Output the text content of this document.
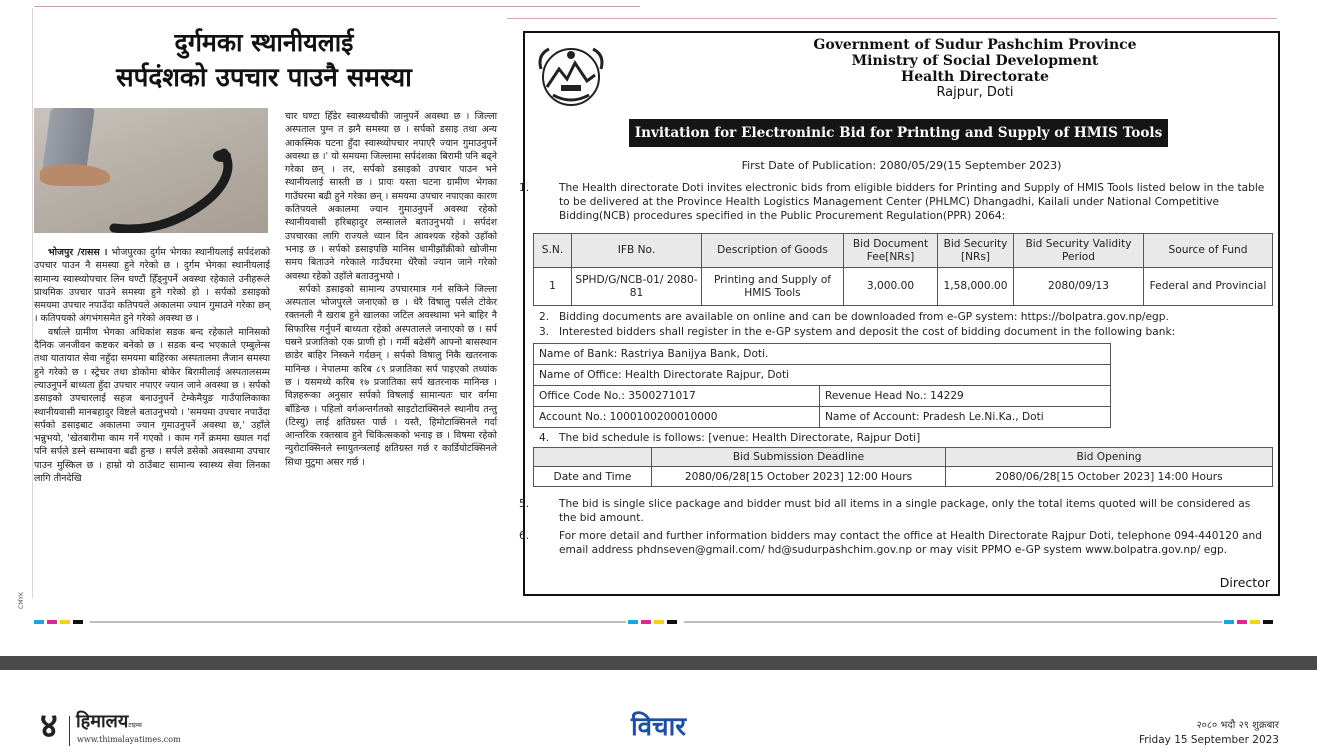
दुर्गमका स्थानीयलाई
सर्पदंशको उपचार पाउनै समस्या

भोजपुर /रासस । भोजपुरका दुर्गम भेगका स्थानीयलाई सर्पदंशको उपचार पाउन नै समस्या हुने गरेको छ । दुर्गम भेगका स्थानीयलाई सामान्य स्वास्थ्योपचार लिन घण्टौं हिँड्नुपर्ने अवस्था रहेकाले उनीहरूले प्राथमिक उपचार पाउने समस्या हुने गरेको हो । सर्पको डसाइको समयमा उपचार नपाउँदा कतिपयले अकालमा ज्यान गुमाउने गरेका छन् । कतिपयको अंगभंगसमेत हुने गरेको अवस्था छ ।

वर्षात्ले ग्रामीण भेगका अधिकांश सडक बन्द रहेकाले मानिसको दैनिक जनजीवन कष्टकर बनेको छ । सडक बन्द भएकाले एम्बुलेन्स तथा यातायात सेवा नहुँदा समयमा बाहिरका अस्पतालमा लैजान समस्या हुने गरेको छ । स्ट्रेचर तथा डोकोमा बोकेर बिरामीलाई अस्पतालसम्म ल्याउनुपर्ने बाध्यता हुँदा उपचार नपाएर ज्यान जाने अवस्था छ । सर्पको डसाइको उपचारलाई सहज बनाउनुपर्ने टेम्केमैयुङ गाउँपालिकाका स्थानीयवासी मानबहादुर विष्टले बताउनुभयो । 'समयमा उपचार नपाउँदा सर्पको डसाइबाट अकालमा ज्यान गुमाउनुपर्ने अवस्था छ,' उहाँले भन्नुभयो, 'खेतबारीमा काम गर्ने गएको । काम गर्ने क्रममा ख्याल गर्दा पनि सर्पले डस्ने सम्भावना बढी हुन्छ । सर्पले डसेको अवस्थामा उपचार पाउन मुस्किल छ । हाम्रो यो ठाउँबाट सामान्य स्वास्थ्य सेवा लिनका लागि तीनदेखि

चार घण्टा हिँडेर स्वास्थ्यचौकी जानुपर्ने अवस्था छ । जिल्ला अस्पताल पुग्न त झनै समस्या छ । सर्पको डसाइ तथा अन्य आकस्मिक घटना हुँदा स्वास्थ्योपचार नपाएरै ज्यान गुमाउनुपर्ने अवस्था छ ।' यो समयमा जिल्लामा सर्पदंशका बिरामी पनि बढ्ने गरेका छन् । तर, सर्पको डसाइको उपचार पाउन भने स्थानीयलाई सास्ती छ । प्रायः यस्ता घटना ग्रामीण भेगका गाउँघरमा बढी हुने गरेका छन् । समयमा उपचार नपाएका कारण कतिपयले अकालमा ज्यान गुमाउनुपर्ने अवस्था रहेको स्थानीयवासी हरिबहादुर लम्सालले बताउनुभयो । सर्पदंश उपचारका लागि राज्यले ध्यान दिन आवश्यक रहेको उहाँको भनाइ छ । सर्पको डसाइपछि मानिस धामीझाँक्रीको खोजीमा समय बिताउने गरेकाले गाउँघरमा धेरैको ज्यान जाने गरेको अवस्था रहेको उहाँले बताउनुभयो ।

सर्पको डसाइको सामान्य उपचारमात्र गर्न सकिने जिल्ला अस्पताल भोजपुरले जनाएको छ । धेरै विषालु पर्सले टोकेर रक्तनली नै खराब हुने खालका जटिल अवस्थामा भने बाहिर नै सिफारिस गर्नुपर्ने बाध्यता रहेको अस्पतालले जनाएको छ । सर्प घस्रने प्रजातिको एक प्राणी हो । गर्मी बढेसँगै आफ्नो बासस्थान छाडेर बाहिर निस्कने गर्दछन् । सर्पको विषालु निकै खतरनाक मानिन्छ । नेपालमा करिब ८९ प्रजातिका सर्प पाइएको तथ्यांक छ । यसमध्ये करिब १७ प्रजातिका सर्प खतरनाक मानिन्छ । विज्ञहरूका अनुसार सर्पको विषलाई सामान्यतः चार वर्गमा बाँडिन्छ । पहिलो वर्गअन्तर्गतको साइटोटाक्सिनले स्थानीय तन्तु (टिस्यु) लाई क्षतिग्रस्त पार्छ । यस्तै, हिमोटाक्सिनले गर्दा आन्तरिक रक्तस्राव हुने चिकित्सकको भनाइ छ । विषमा रहेको न्युरोटाक्सिनले स्नायुतन्त्रलाई क्षतिग्रस्त गर्छ र कार्डियोटक्सिनले सिधा मुटुमा असर गर्छ ।

Government of Sudur Pashchim Province
Ministry of Social Development
Health Directorate
Rajpur, Doti
Invitation for Electroninic Bid for Printing and Supply of HMIS Tools
First Date of Publication: 2080/05/29(15 September 2023)
1.	The Health directorate Doti invites electronic bids from eligible bidders for Printing and Supply of HMIS Tools listed below in the table to be delivered at the Province Health Logistics Management Center (PHLMC) Dhangadhi, Kailali under National Competitive Bidding(NCB) procedures specified in the Public Procurement Regulation(PPR) 2064:
S.N.	IFB No.	Description of Goods	Bid Document Fee[NRs]	Bid Security [NRs]	Bid Security Validity Period	Source of Fund
1	SPHD/G/NCB-01/ 2080-81	Printing and Supply of HMIS Tools	3,000.00	1,58,000.00	2080/09/13	Federal and Provincial
2. Bidding documents are available on online and can be downloaded from e-GP system: https://bolpatra.gov.np/egp.
3. Interested bidders shall register in the e-GP system and deposit the cost of bidding document in the following bank:
Name of Bank: Rastriya Banijya Bank, Doti.	
Name of Office: Health Directorate Rajpur, Doti	
Office Code No.: 3500271017	Revenue Head No.: 14229
Account No.: 1000100200010000	Name of Account: Pradesh Le.Ni.Ka., Doti
4. The bid schedule is follows: [venue: Health Directorate, Rajpur Doti]
	Bid Submission Deadline	Bid Opening
Date and Time	2080/06/28[15 October 2023] 12:00 Hours	2080/06/28[15 October 2023] 14:00 Hours
5.	The bid is single slice package and bidder must bid all items in a single package, only the total items quoted will be considered as the bid amount.
6.	For more detail and further information bidders may contact the office at Health Directorate Rajpur Doti, telephone 094-440120 and email address phdnseven@gmail.com/ hd@sudurpashchim.gov.np or may visit PPMO e-GP system www.bolpatra.gov.np/ egp.
Director
CMYK
४ हिमालयटाइम्स
www.thimalayatimes.com	विचार	२०८० भदौ २९ शुक्रबार
Friday 15 September 2023
